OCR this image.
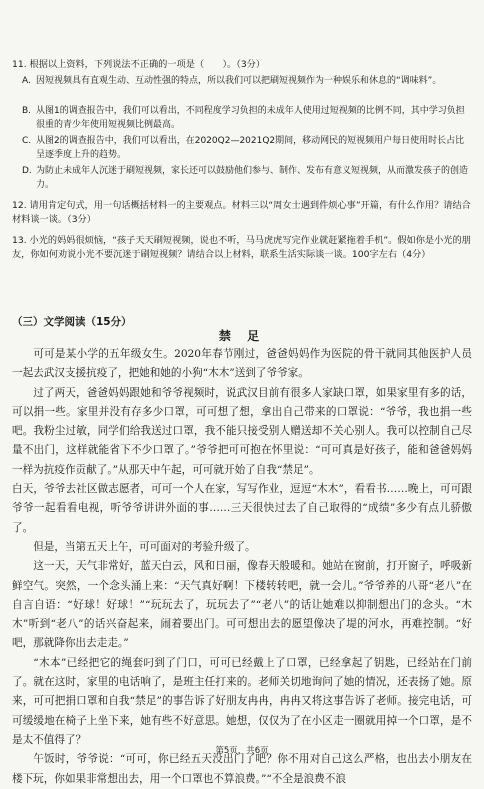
11. 根据以上资料，下列说法不正确的一项是（　　）。（3分）
A. 因短视频具有直观生动、互动性强的特点，所以我们可以把刷短视频作为一种娱乐和休息的“调味料”。
B. 从图1的调查报告中，我们可以看出，不同程度学习负担的未成年人使用过短视频的比例不同，其中学习负担很重的青少年使用短视频比例最高。
C. 从图2的调查报告中，我们可以看出，在2020Q2—2021Q2期间，移动网民的短视频用户每日使用时长占比呈逐季度上升的趋势。
D. 为防止未成年人沉迷于刷短视频，家长还可以鼓励他们参与、制作、发布有意义短视频，从而激发孩子的创造力。
12. 请用肯定句式，用一句话概括材料一的主要观点。材料三以“周女士遇到件烦心事”开篇，有什么作用？请结合材料谈一谈。（3分）
13. 小光的妈妈很烦恼，“孩子天天刷短视频，说也不听，马马虎虎写完作业就赶紧拖着手机”。假如你是小光的朋友，你如何劝说小光不要沉迷于刷短视频？请结合以上材料，联系生活实际谈一谈。100字左右（4分）
（三）文学阅读（15分）
禁 足

可可是某小学的五年级女生。2020年春节刚过，爸爸妈妈作为医院的骨干就同其他医护人员一起去武汉支援抗疫了，把她和她的小狗“木木”送到了爷爷家。

过了两天，爸爸妈妈跟她和爷爷视频时，说武汉目前有很多人家缺口罩，如果家里有多的话，可以捐一些。家里并没有存多少口罩，可可想了想，拿出自己带来的口罩说：“爷爷，我也捐一些吧。我粉尘过敏，同学们给我送过口罩，我不能只接受别人赠送却不关心别人。我可以控制自己尽量不出门，这样就能省下不少口罩了。”爷爷把可可抱在怀里说：“可可真是好孩子，能和爸爸妈妈一样为抗疫作贡献了。”从那天中午起，可可就开始了自我“禁足”。

白天，爷爷去社区做志愿者，可可一个人在家，写写作业，逗逗“木木”，看看书……晚上，可可跟爷爷一起看看电视，听爷爷讲讲外面的事……三天很快过去了自己取得的“成绩”多少有点儿骄傲了。

但是，当第五天上午，可可面对的考验升级了。

这一天，天气非常好，蓝天白云，风和日丽，像春天般暖和。她站在窗前，打开窗子，呼吸新鲜空气。突然，一个念头涌上来：“天气真好啊！下楼转转吧，就一会儿。”爷爷养的八哥“老八”在自言自语：“好球！好球！”“玩玩去了，玩玩去了”“老八”的话让她难以抑制想出门的念头。“木木”听到“老八”的话兴奋起来，闹着要出门。可可想出去的愿望像决了堤的河水，再难控制。“好吧，那就降你出去走走。”

“木本”已经把它的绳套叼到了门口，可可已经戴上了口罩，已经拿起了钥匙，已经站在门前了。就在这时，家里的电话响了，是班主任打来的。老师关切地询问了她的情况，还表扬了她。原来，可可把捐口罩和自我“禁足”的事告诉了好朋友冉冉，冉冉又将这事告诉了老师。接完电话，可可缓缓地在椅子上坐下来，她有些不好意思。她想，仅仅为了在小区走一圈就用掉一个口罩，是不是太不值得了？

午饭时，爷爷说：“可可，你已经五天没出门了吧？你不用对自己这么严格，也出去小朋友在楼下玩，你如果非常想出去，用一个口罩也不算浪费。”“不全是浪费不浪

第5页，共6页
